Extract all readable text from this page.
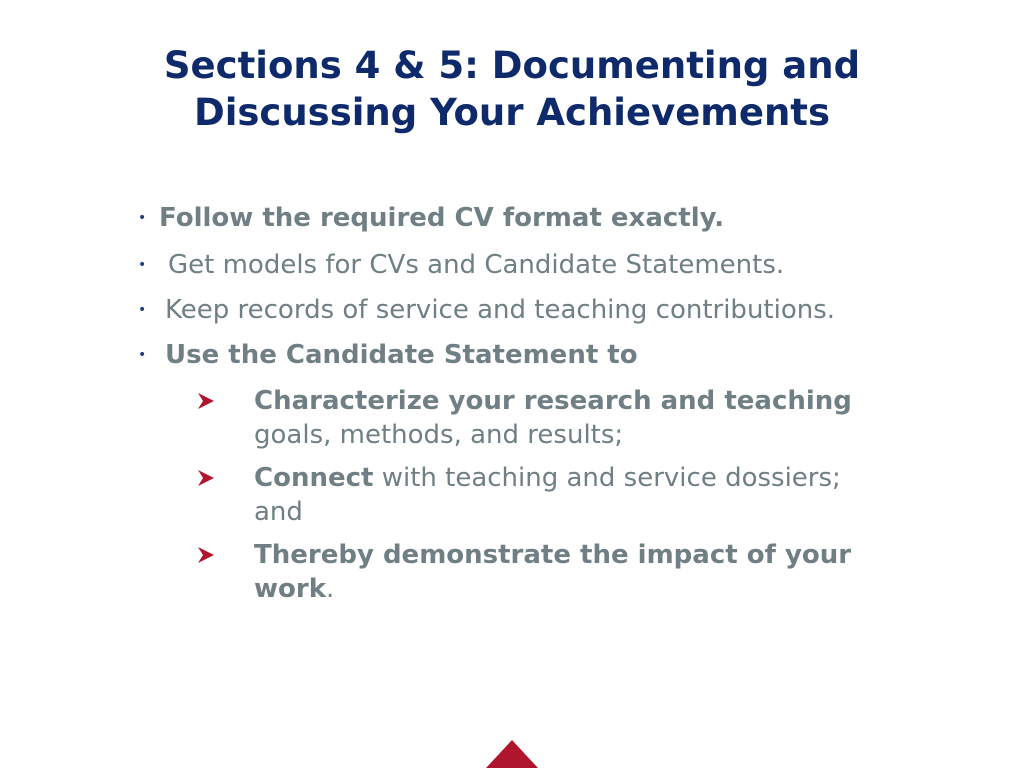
Sections 4 & 5: Documenting and
Discussing Your Achievements
• Follow the required CV format exactly.
• Get models for CVs and Candidate Statements.
• Keep records of service and teaching contributions.
• Use the Candidate Statement to
Characterize your research and teaching
goals, methods, and results;
Connect with teaching and service dossiers;
and
Thereby demonstrate the impact of your
work.
